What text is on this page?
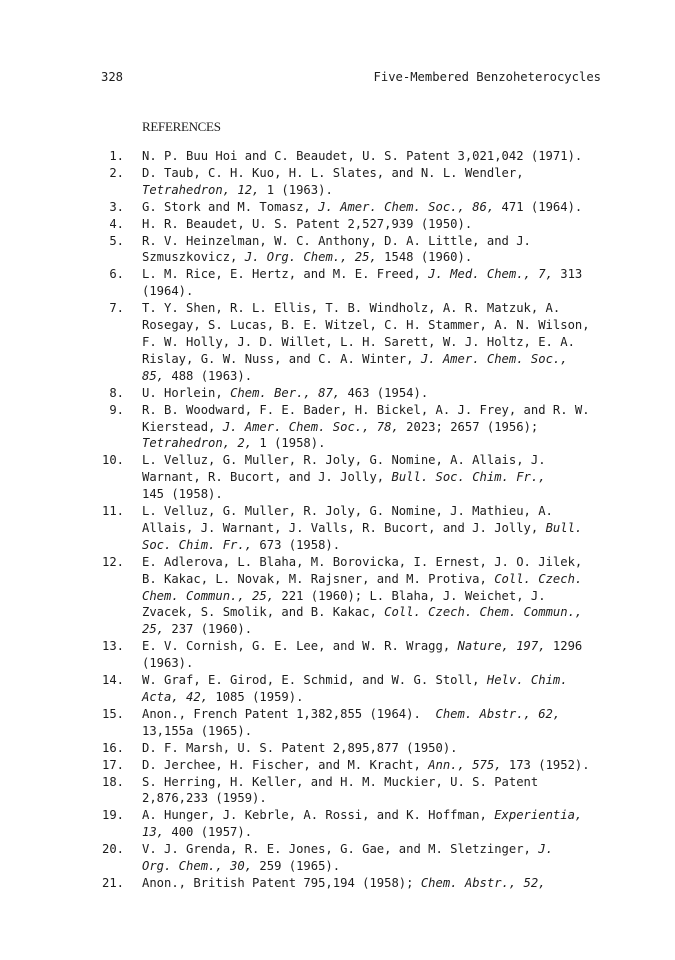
328	Five-Membered Benzoheterocycles
REFERENCES
1. N. P. Buu Hoi and C. Beaudet, U. S. Patent 3,021,042 (1971).
2. D. Taub, C. H. Kuo, H. L. Slates, and N. L. Wendler,
Tetrahedron, 12, 1 (1963).
3. G. Stork and M. Tomasz, J. Amer. Chem. Soc., 86, 471 (1964).
4. H. R. Beaudet, U. S. Patent 2,527,939 (1950).
5. R. V. Heinzelman, W. C. Anthony, D. A. Little, and J.
Szmuszkovicz, J. Org. Chem., 25, 1548 (1960).
6. L. M. Rice, E. Hertz, and M. E. Freed, J. Med. Chem., 7, 313
(1964).
7. T. Y. Shen, R. L. Ellis, T. B. Windholz, A. R. Matzuk, A.
Rosegay, S. Lucas, B. E. Witzel, C. H. Stammer, A. N. Wilson,
F. W. Holly, J. D. Willet, L. H. Sarett, W. J. Holtz, E. A.
Rislay, G. W. Nuss, and C. A. Winter, J. Amer. Chem. Soc.,
85, 488 (1963).
8. U. Horlein, Chem. Ber., 87, 463 (1954).
9. R. B. Woodward, F. E. Bader, H. Bickel, A. J. Frey, and R. W.
Kierstead, J. Amer. Chem. Soc., 78, 2023; 2657 (1956);
Tetrahedron, 2, 1 (1958).
10. L. Velluz, G. Muller, R. Joly, G. Nomine, A. Allais, J.
Warnant, R. Bucort, and J. Jolly, Bull. Soc. Chim. Fr.,
145 (1958).
11. L. Velluz, G. Muller, R. Joly, G. Nomine, J. Mathieu, A.
Allais, J. Warnant, J. Valls, R. Bucort, and J. Jolly, Bull.
Soc. Chim. Fr., 673 (1958).
12. E. Adlerova, L. Blaha, M. Borovicka, I. Ernest, J. O. Jilek,
B. Kakac, L. Novak, M. Rajsner, and M. Protiva, Coll. Czech.
Chem. Commun., 25, 221 (1960); L. Blaha, J. Weichet, J.
Zvacek, S. Smolik, and B. Kakac, Coll. Czech. Chem. Commun.,
25, 237 (1960).
13. E. V. Cornish, G. E. Lee, and W. R. Wragg, Nature, 197, 1296
(1963).
14. W. Graf, E. Girod, E. Schmid, and W. G. Stoll, Helv. Chim.
Acta, 42, 1085 (1959).
15. Anon., French Patent 1,382,855 (1964).  Chem. Abstr., 62,
13,155a (1965).
16. D. F. Marsh, U. S. Patent 2,895,877 (1950).
17. D. Jerchee, H. Fischer, and M. Kracht, Ann., 575, 173 (1952).
18. S. Herring, H. Keller, and H. M. Muckier, U. S. Patent
2,876,233 (1959).
19. A. Hunger, J. Kebrle, A. Rossi, and K. Hoffman, Experientia,
13, 400 (1957).
20. V. J. Grenda, R. E. Jones, G. Gae, and M. Sletzinger, J.
Org. Chem., 30, 259 (1965).
21. Anon., British Patent 795,194 (1958); Chem. Abstr., 52,
